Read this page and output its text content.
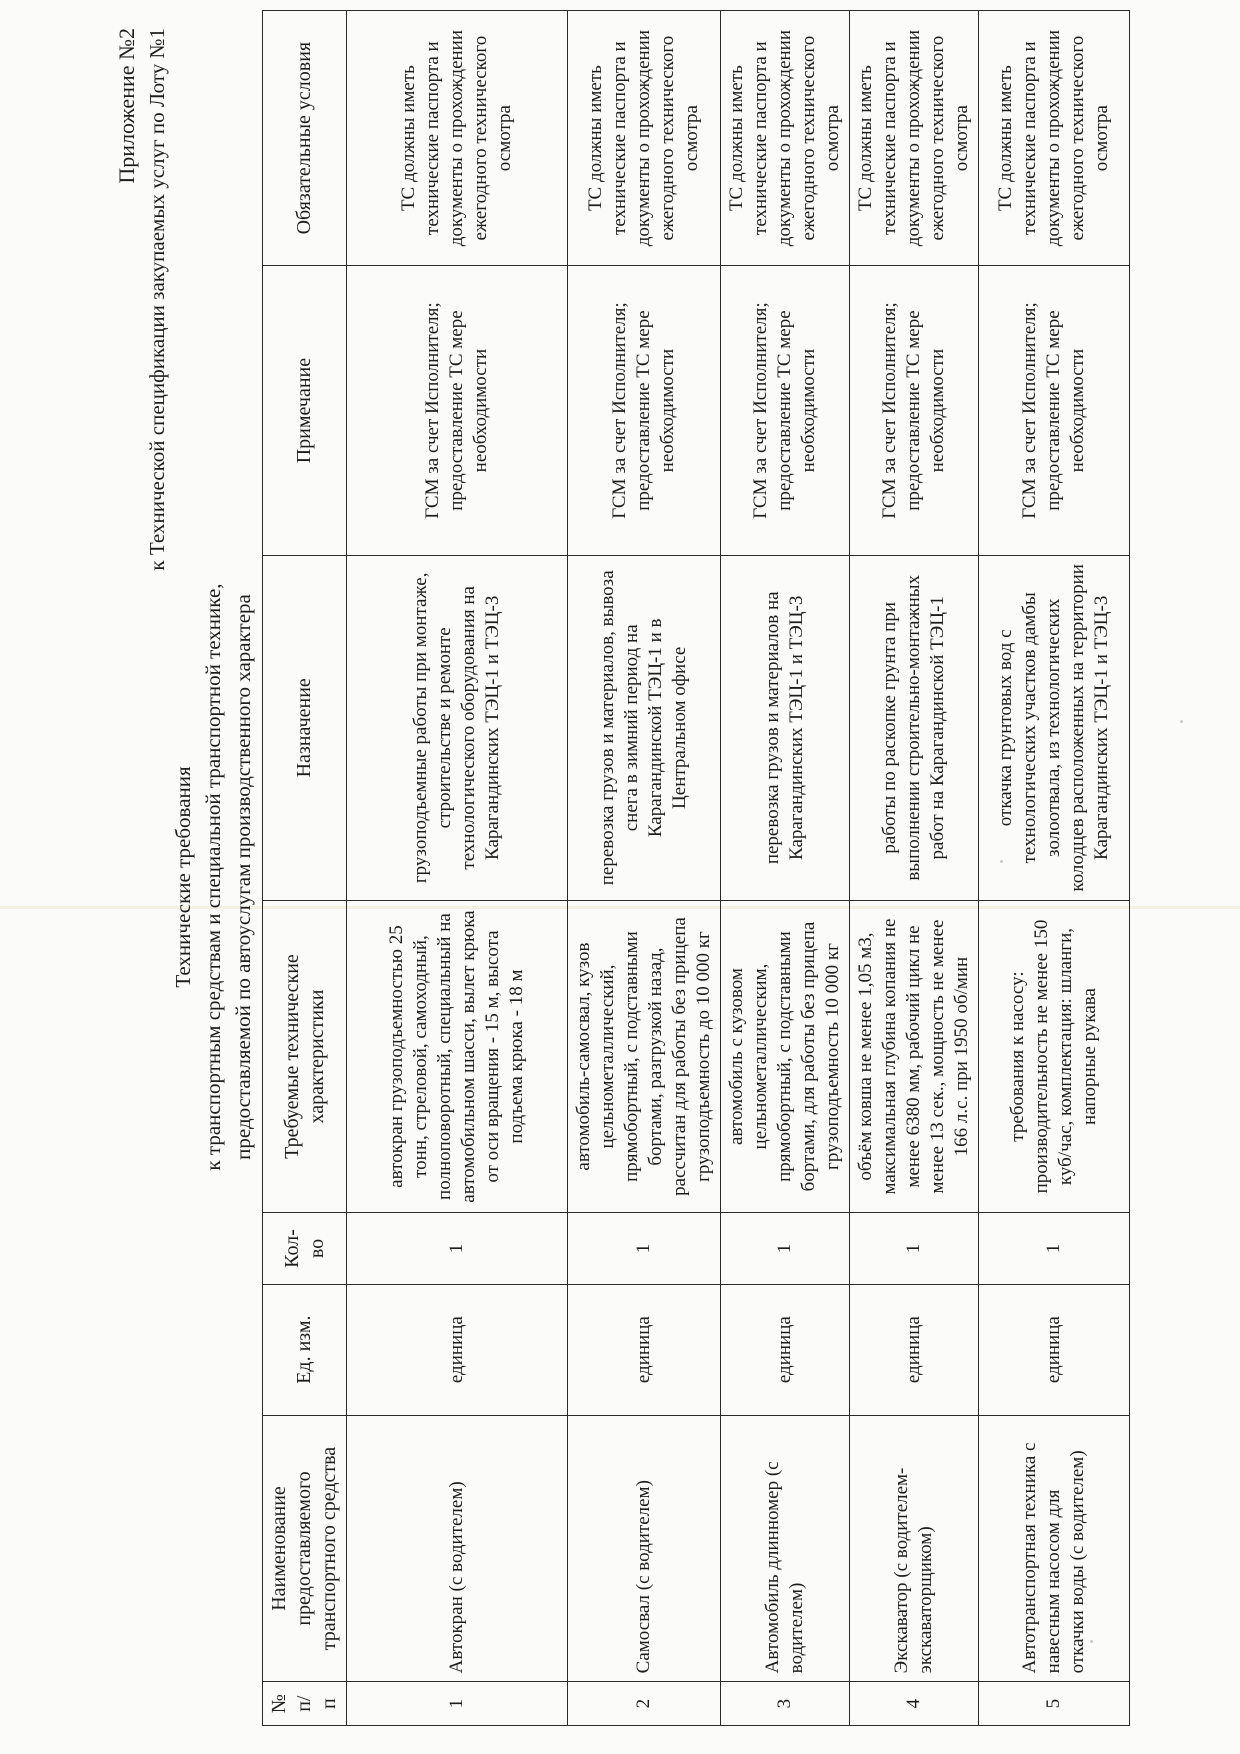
Приложение №2 к Технической спецификации закупаемых услуг по Лоту №1
Технические требования к транспортным средствам и специальной транспортной технике, предоставляемой по автоуслугам производственного характера
№ п/п	Наименование предоставляемого транспортного средства	Ед. изм.	Кол-во	Требуемые технические характеристики	Назначение	Примечание	Обязательные условия
1	Автокран (с водителем)	единица	1	автокран грузоподъемностью 25 тонн, стреловой, самоходный, полноповоротный, специальный на автомобильном шасси, вылет крюка от оси вращения - 15 м, высота подъема крюка - 18 м	грузоподъемные работы при монтаже, строительстве и ремонте технологического оборудования на Карагандинских ТЭЦ-1 и ТЭЦ-3	ГСМ за счет Исполнителя; предоставление ТС мере необходимости	ТС должны иметь технические паспорта и документы о прохождении ежегодного технического осмотра
2	Самосвал (с водителем)	единица	1	автомобиль-самосвал, кузов цельнометаллический, прямобортный, с подставными бортами, разгрузкой назад, рассчитан для работы без прицепа грузоподъемность до 10 000 кг	перевозка грузов и материалов, вывоза снега в зимний период на Карагандинской ТЭЦ-1 и в Центральном офисе	ГСМ за счет Исполнителя; предоставление ТС мере необходимости	ТС должны иметь технические паспорта и документы о прохождении ежегодного технического осмотра
3	Автомобиль длинномер (с водителем)	единица	1	автомобиль с кузовом цельнометаллическим, прямобортный, с подставными бортами, для работы без прицепа грузоподъемность 10 000 кг	перевозка грузов и материалов на Карагандинских ТЭЦ-1 и ТЭЦ-3	ГСМ за счет Исполнителя; предоставление ТС мере необходимости	ТС должны иметь технические паспорта и документы о прохождении ежегодного технического осмотра
4	Экскаватор (с водителем-экскаваторщиком)	единица	1	объём ковша не менее 1,05 м3, максимальная глубина копания не менее 6380 мм, рабочий цикл не менее 13 сек., мощность не менее 166 л.с. при 1950 об/мин	работы по раскопке грунта при выполнении строительно-монтажных работ на Карагандинской ТЭЦ-1	ГСМ за счет Исполнителя; предоставление ТС мере необходимости	ТС должны иметь технические паспорта и документы о прохождении ежегодного технического осмотра
5	Автотранспортная техника с навесным насосом для откачки воды (с водителем)	единица	1	требования к насосу: производительность не менее 150 куб/час, комплектация: шланги, напорные рукава	откачка грунтовых вод с технологических участков дамбы золоотвала, из технологических колодцев расположенных на территории Карагандинских ТЭЦ-1 и ТЭЦ-3	ГСМ за счет Исполнителя; предоставление ТС мере необходимости	ТС должны иметь технические паспорта и документы о прохождении ежегодного технического осмотра
